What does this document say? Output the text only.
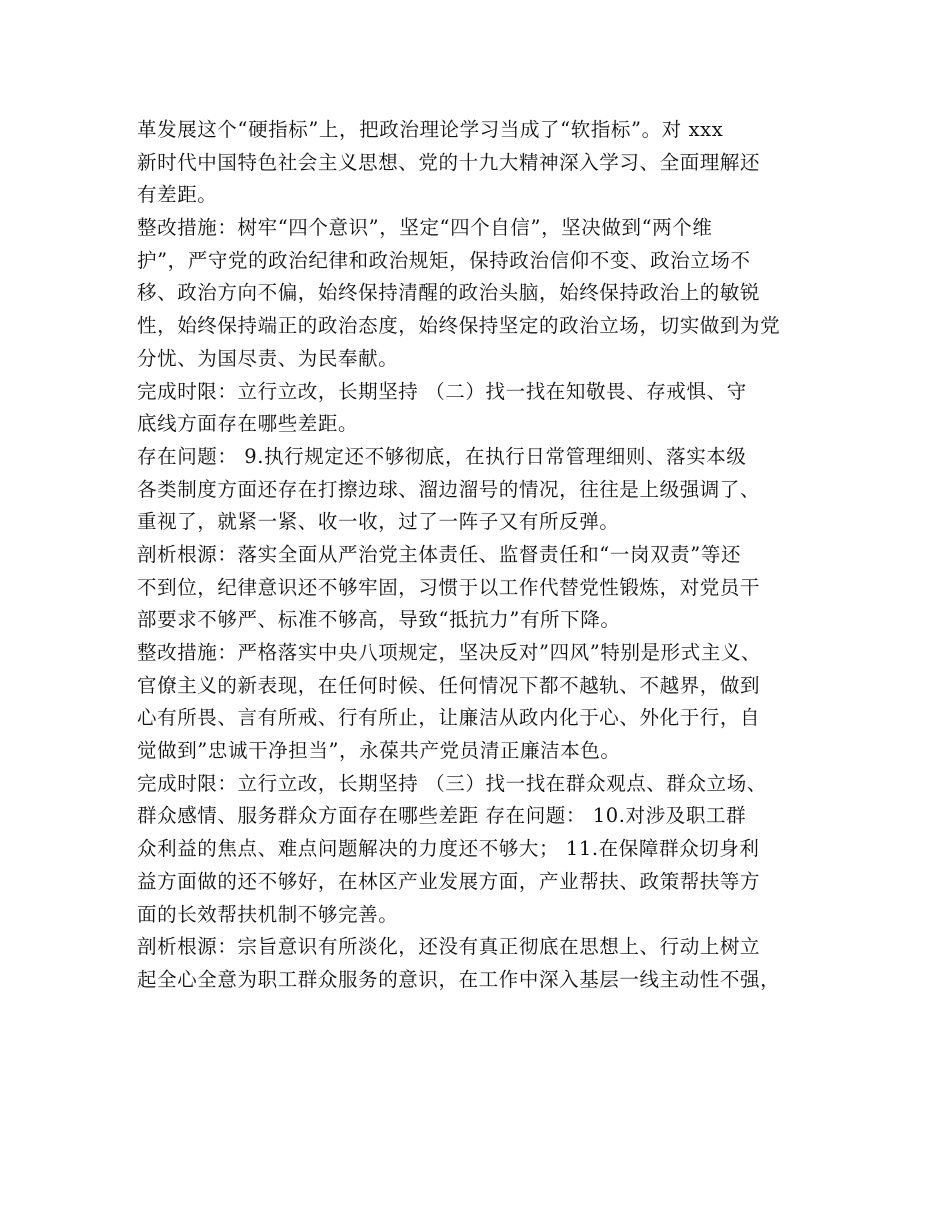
革发展这个“硬指标”上，把政治理论学习当成了“软指标”。对 xxx
新时代中国特色社会主义思想、党的十九大精神深入学习、全面理解还
有差距。
整改措施：树牢“四个意识”，坚定“四个自信”，坚决做到“两个维
护”，严守党的政治纪律和政治规矩，保持政治信仰不变、政治立场不
移、政治方向不偏，始终保持清醒的政治头脑，始终保持政治上的敏锐
性，始终保持端正的政治态度，始终保持坚定的政治立场，切实做到为党
分忧、为国尽责、为民奉献。
完成时限：立行立改，长期坚持 （二）找一找在知敬畏、存戒惧、守
底线方面存在哪些差距。
存在问题： 9.执行规定还不够彻底，在执行日常管理细则、落实本级
各类制度方面还存在打擦边球、溜边溜号的情况，往往是上级强调了、
重视了，就紧一紧、收一收，过了一阵子又有所反弹。
剖析根源：落实全面从严治党主体责任、监督责任和“一岗双责”等还
不到位，纪律意识还不够牢固，习惯于以工作代替党性锻炼，对党员干
部要求不够严、标准不够高，导致“抵抗力”有所下降。
整改措施：严格落实中央八项规定，坚决反对”四风”特别是形式主义、
官僚主义的新表现，在任何时候、任何情况下都不越轨、不越界，做到
心有所畏、言有所戒、行有所止，让廉洁从政内化于心、外化于行，自
觉做到”忠诚干净担当”，永葆共产党员清正廉洁本色。
完成时限：立行立改，长期坚持 （三）找一找在群众观点、群众立场、
群众感情、服务群众方面存在哪些差距 存在问题： 10.对涉及职工群
众利益的焦点、难点问题解决的力度还不够大； 11.在保障群众切身利
益方面做的还不够好，在林区产业发展方面，产业帮扶、政策帮扶等方
面的长效帮扶机制不够完善。
剖析根源：宗旨意识有所淡化，还没有真正彻底在思想上、行动上树立
起全心全意为职工群众服务的意识，在工作中深入基层一线主动性不强，
